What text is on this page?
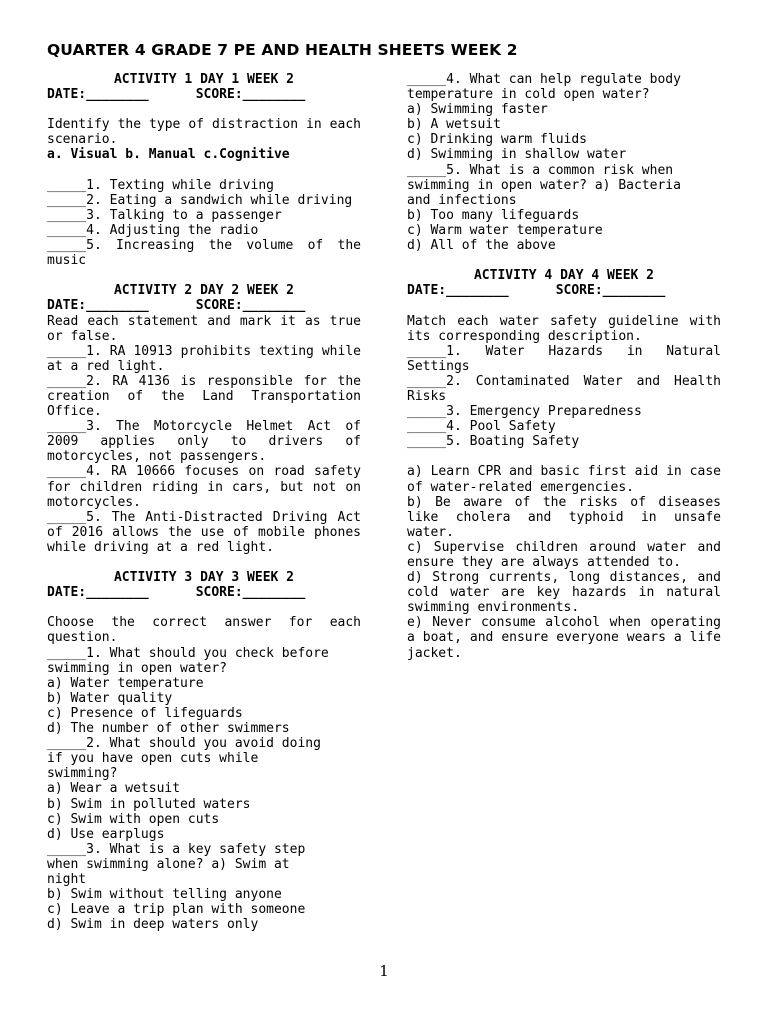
QUARTER 4 GRADE 7 PE AND HEALTH SHEETS WEEK 2
ACTIVITY 1 DAY 1 WEEK 2
DATE:________      SCORE:________
Identify the type of distraction in each scenario.
a. Visual b. Manual c.Cognitive
_____1. Texting while driving
_____2. Eating a sandwich while driving
_____3. Talking to a passenger
_____4. Adjusting the radio
_____5. Increasing the volume of the music
ACTIVITY 2 DAY 2 WEEK 2
DATE:________      SCORE:________
Read each statement and mark it as true or false.
_____1. RA 10913 prohibits texting while at a red light.
_____2. RA 4136 is responsible for the creation of the Land Transportation Office.
_____3. The Motorcycle Helmet Act of 2009 applies only to drivers of motorcycles, not passengers.
_____4. RA 10666 focuses on road safety for children riding in cars, but not on motorcycles.
_____5. The Anti-Distracted Driving Act of 2016 allows the use of mobile phones while driving at a red light.
ACTIVITY 3 DAY 3 WEEK 2
DATE:________      SCORE:________
Choose the correct answer for each question.
_____1. What should you check before
swimming in open water?
a) Water temperature
b) Water quality
c) Presence of lifeguards
d) The number of other swimmers
_____2. What should you avoid doing
if you have open cuts while
swimming?
a) Wear a wetsuit
b) Swim in polluted waters
c) Swim with open cuts
d) Use earplugs
_____3. What is a key safety step
when swimming alone? a) Swim at
night
b) Swim without telling anyone
c) Leave a trip plan with someone
d) Swim in deep waters only
_____4. What can help regulate body
temperature in cold open water?
a) Swimming faster
b) A wetsuit
c) Drinking warm fluids
d) Swimming in shallow water
_____5. What is a common risk when
swimming in open water? a) Bacteria
and infections
b) Too many lifeguards
c) Warm water temperature
d) All of the above
ACTIVITY 4 DAY 4 WEEK 2
DATE:________      SCORE:________
Match each water safety guideline with its corresponding description.
_____1. Water Hazards in Natural Settings
_____2. Contaminated Water and Health Risks
_____3. Emergency Preparedness
_____4. Pool Safety
_____5. Boating Safety
a) Learn CPR and basic first aid in case of water-related emergencies.
b) Be aware of the risks of diseases like cholera and typhoid in unsafe water.
c) Supervise children around water and ensure they are always attended to.
d) Strong currents, long distances, and cold water are key hazards in natural swimming environments.
e) Never consume alcohol when operating a boat, and ensure everyone wears a life jacket.
1
